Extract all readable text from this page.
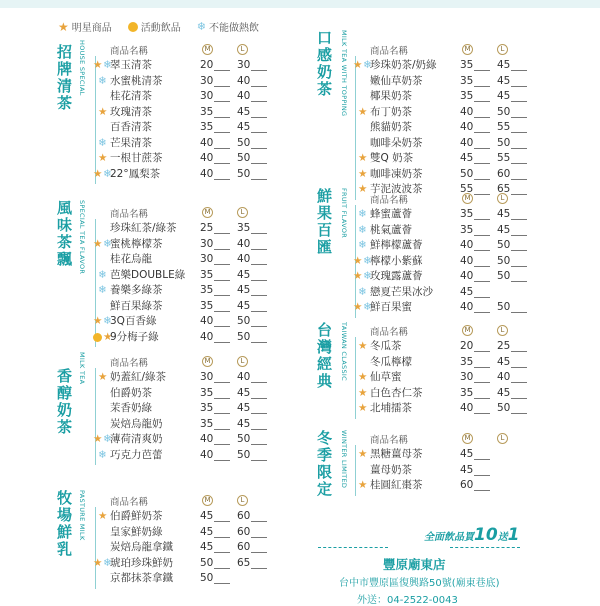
★ 明星商品	活動飲品 ❄ 不能做熱飲
招牌清茶
HOUSE SPECIAL	商品名稱	M	L
★ ❄
翠玉清茶	20 30
❄ 水蜜桃清茶	30 40
桂花清茶	30 40
★ 玫瑰清茶	35 45
百香清茶	35 45
❄ 芒果清茶	40 50
★ 一根甘蔗茶	40 50
★ ❄
22°鳳梨茶	40 50
風味茶飄 SPECIAL TEA FLAVOR	商品名稱	M	L
珍珠紅茶/綠茶 25 35
★ ❄
蜜桃檸檬茶	30 40
桂花烏龍	30 40
❄ 芭樂DOUBLE綠 35 45
❄ 養樂多綠茶	35 45
鮮百果綠茶	35 45
★ ❄
3Q百香綠	40 50
★
9分梅子綠	40 50
香醇奶茶
MILK TEA	商品名稱	M	L
★ 奶蓋紅/綠茶	30 40
伯爵奶茶	35 45
茉香奶綠	35 45
炭焙烏龍奶	35 45
★ ❄
薄荷清爽奶	40 50
❄ 巧克力芭蕾	40 50
牧場鮮乳
PASTURE MILK	商品名稱	M	L
★ 伯爵鮮奶茶	45 60
皇家鮮奶綠	45 60
炭焙烏龍拿鐵	45 60
★ ❄
琥珀珍珠鮮奶	50 65
京都抹茶拿鐵	50
口感奶茶 MILK TEA WITH TOPPING 商品名稱	M	L
★ ❄
珍珠奶茶/奶綠 35 45
嫩仙草奶茶	35 45
椰果奶茶	35 45
★ 布丁奶茶	40 50
熊貓奶茶	40 55
咖啡朵奶茶	40 50
★ 雙Q 奶茶	45 55
★ 咖啡凍奶茶	50 60
★ 芋泥波波茶	55 65
鮮果百匯
FRUIT FLAVOR 商品名稱	M	L
❄ 蜂蜜蘆薈	35 45
❄ 桃氣蘆薈	35 45
❄ 鮮檸檬蘆薈	40 50
★ ❄
檸檬小紫蘇	40 50
★ ❄
玫瑰露蘆薈	40 50
❄ 戀夏芒果冰沙	45
★ ❄
鮮百果蜜	40 50
台灣經典
TAIWAN CLASSIC 商品名稱	M	L
★ 冬瓜茶	20 25
冬瓜檸檬	35 45
★ 仙草蜜	30 40
★ 白色杏仁茶	35 45
★ 北埔擂茶	40 50
冬季限定
WINTER LIMITED 商品名稱	M	L
★ 黑糖薑母茶	45
薑母奶茶	45
★ 桂圓紅棗茶	60
全面飲品買10送1
豐原廟東店
台中市豐原區復興路50號(廟東巷底)
外送：04-2522-0043
